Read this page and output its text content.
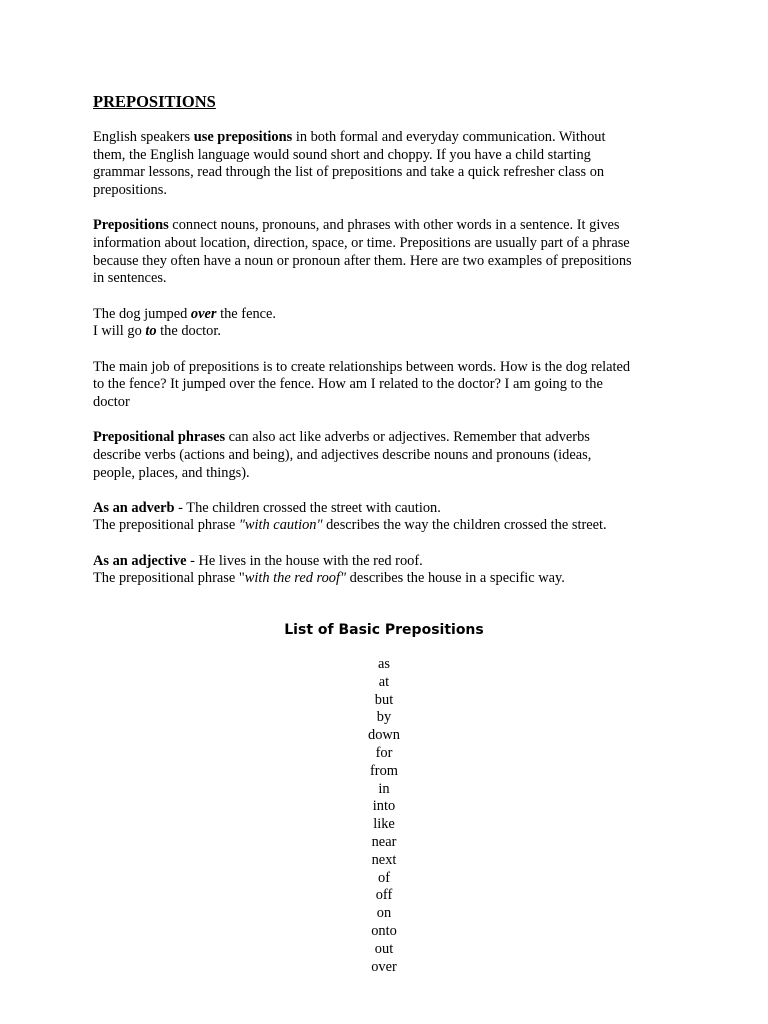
PREPOSITIONS
English speakers use prepositions in both formal and everyday communication. Without
them, the English language would sound short and choppy. If you have a child starting
grammar lessons, read through the list of prepositions and take a quick refresher class on
prepositions.
Prepositions connect nouns, pronouns, and phrases with other words in a sentence. It gives
information about location, direction, space, or time. Prepositions are usually part of a phrase
because they often have a noun or pronoun after them. Here are two examples of prepositions
in sentences.
The dog jumped over the fence.
I will go to the doctor.
The main job of prepositions is to create relationships between words. How is the dog related
to the fence? It jumped over the fence. How am I related to the doctor? I am going to the
doctor
Prepositional phrases can also act like adverbs or adjectives. Remember that adverbs
describe verbs (actions and being), and adjectives describe nouns and pronouns (ideas,
people, places, and things).
As an adverb - The children crossed the street with caution.
The prepositional phrase "with caution" describes the way the children crossed the street.
As an adjective - He lives in the house with the red roof.
The prepositional phrase "with the red roof" describes the house in a specific way.
List of Basic Prepositions
as
at
but
by
down
for
from
in
into
like
near
next
of
off
on
onto
out
over
